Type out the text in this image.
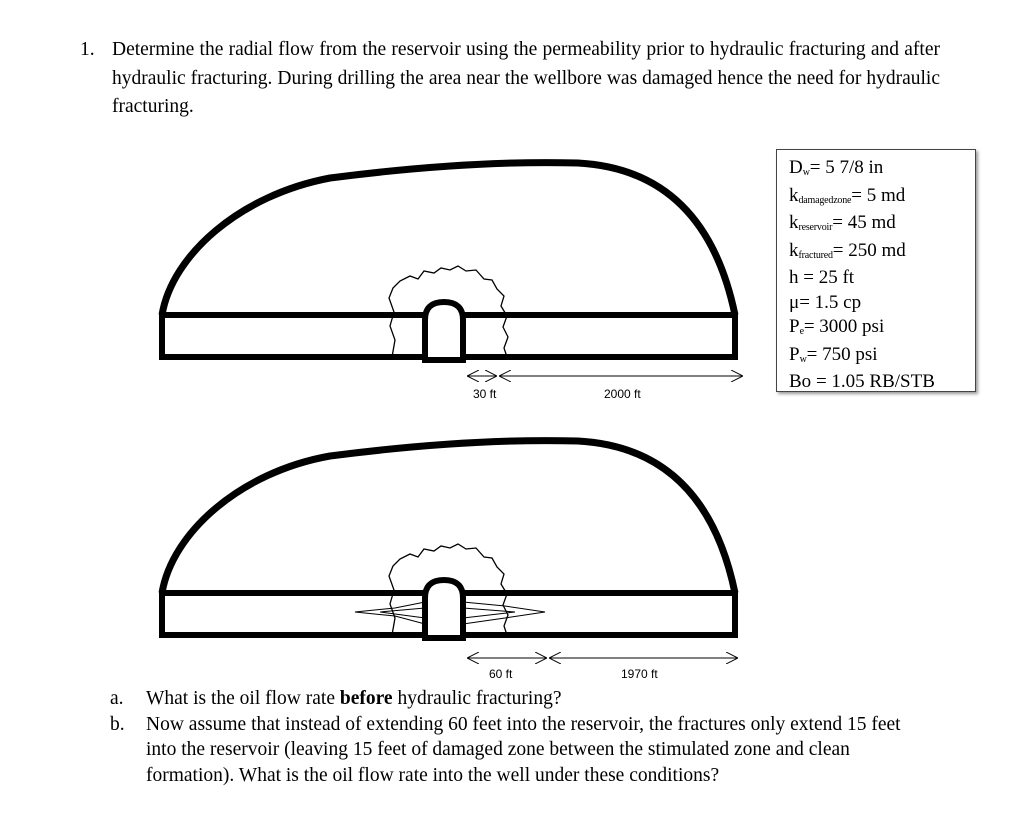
1. Determine the radial flow from the reservoir using the permeability prior to hydraulic fracturing and after hydraulic fracturing. During drilling the area near the wellbore was damaged hence the need for hydraulic fracturing.
30 ft	2000 ft
60 ft	1970 ft
Dw= 5 7/8 in
kdamagedzone= 5 md
kreservoir= 45 md
kfractured= 250 md
h = 25 ft
μ= 1.5 cp
Pe= 3000 psi
Pw= 750 psi
Bo = 1.05 RB/STB
a. What is the oil flow rate before hydraulic fracturing?
b. Now assume that instead of extending 60 feet into the reservoir, the fractures only extend 15 feet into the reservoir (leaving 15 feet of damaged zone between the stimulated zone and clean formation). What is the oil flow rate into the well under these conditions?
